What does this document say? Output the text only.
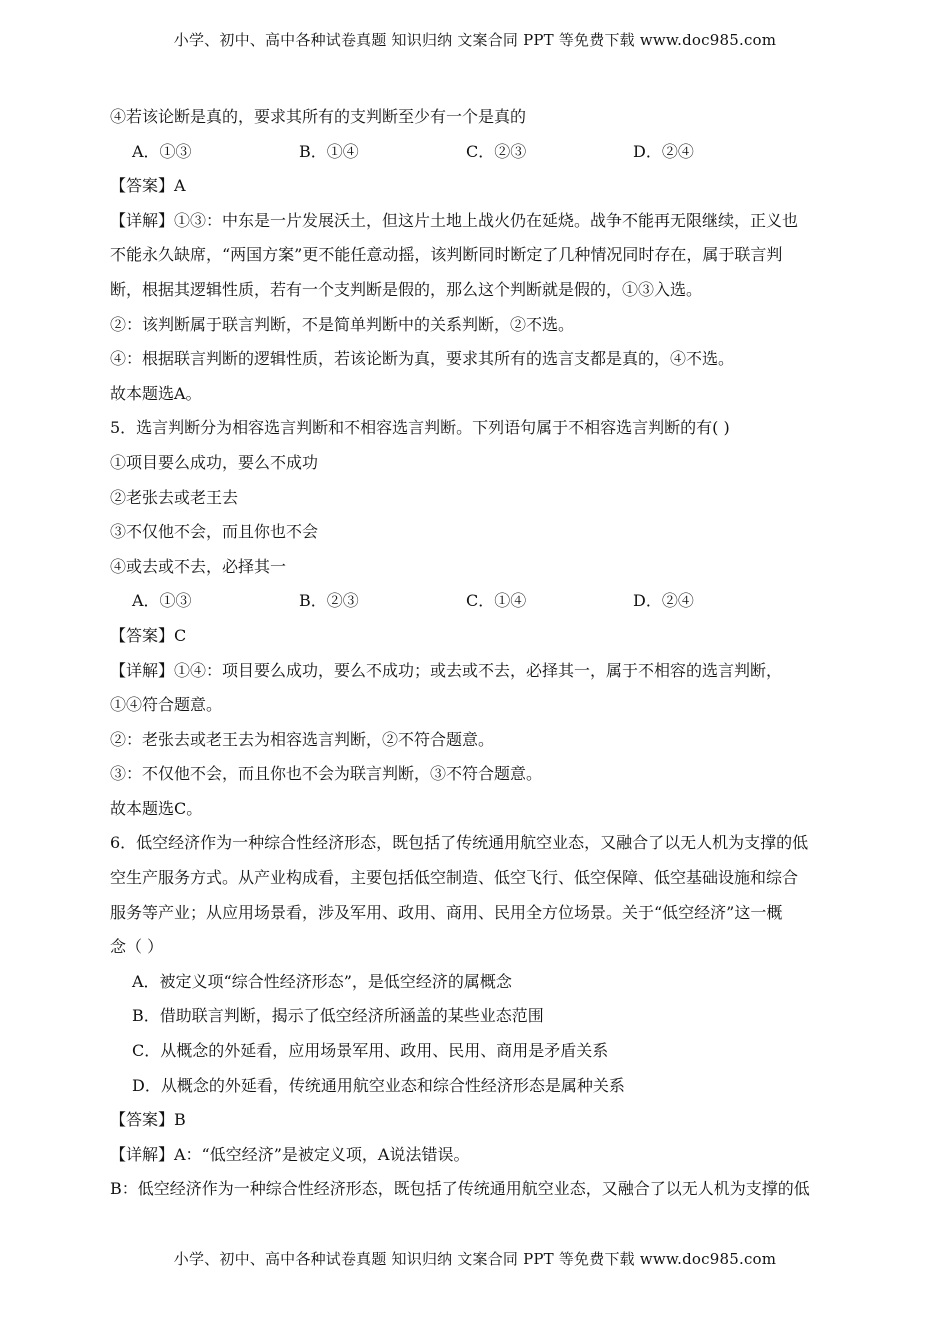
小学、初中、高中各种试卷真题 知识归纳 文案合同 PPT 等免费下载 www.doc985.com
④若该论断是真的，要求其所有的支判断至少有一个是真的
A．①③	B．①④	C．②③	D．②④
【答案】A
【详解】①③：中东是一片发展沃土，但这片土地上战火仍在延烧。战争不能再无限继续，正义也
不能永久缺席，“两国方案”更不能任意动摇，该判断同时断定了几种情况同时存在，属于联言判
断，根据其逻辑性质，若有一个支判断是假的，那么这个判断就是假的，①③入选。
②：该判断属于联言判断，不是简单判断中的关系判断，②不选。
④：根据联言判断的逻辑性质，若该论断为真，要求其所有的选言支都是真的，④不选。
故本题选A。
5．选言判断分为相容选言判断和不相容选言判断。下列语句属于不相容选言判断的有( )
①项目要么成功，要么不成功
②老张去或老王去
③不仅他不会，而且你也不会
④或去或不去，必择其一
A．①③	B．②③	C．①④	D．②④
【答案】C
【详解】①④：项目要么成功，要么不成功；或去或不去，必择其一，属于不相容的选言判断，
①④符合题意。
②：老张去或老王去为相容选言判断，②不符合题意。
③：不仅他不会，而且你也不会为联言判断，③不符合题意。
故本题选C。
6．低空经济作为一种综合性经济形态，既包括了传统通用航空业态，又融合了以无人机为支撑的低
空生产服务方式。从产业构成看，主要包括低空制造、低空飞行、低空保障、低空基础设施和综合
服务等产业；从应用场景看，涉及军用、政用、商用、民用全方位场景。关于“低空经济”这一概
念（ ）
A．被定义项“综合性经济形态”，是低空经济的属概念
B．借助联言判断，揭示了低空经济所涵盖的某些业态范围
C．从概念的外延看，应用场景军用、政用、民用、商用是矛盾关系
D．从概念的外延看，传统通用航空业态和综合性经济形态是属种关系
【答案】B
【详解】A：“低空经济”是被定义项，A说法错误。
B：低空经济作为一种综合性经济形态，既包括了传统通用航空业态，又融合了以无人机为支撑的低
小学、初中、高中各种试卷真题 知识归纳 文案合同 PPT 等免费下载 www.doc985.com
